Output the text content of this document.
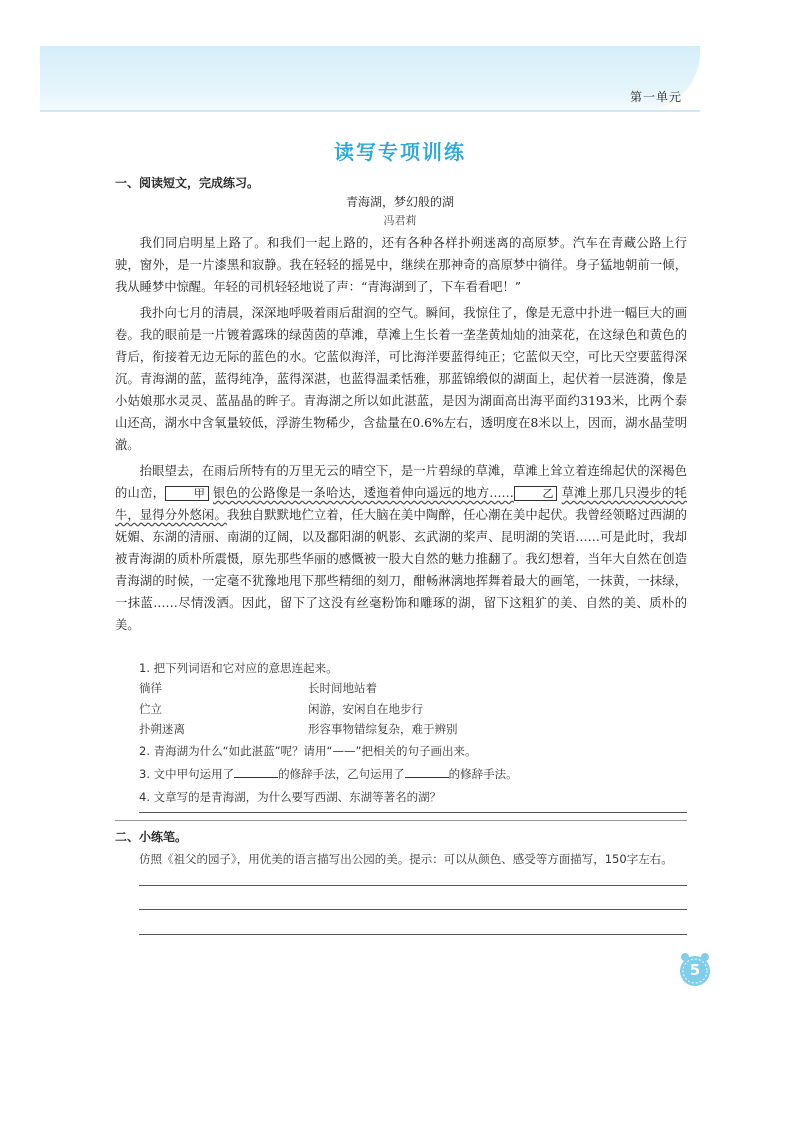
第一单元
读写专项训练
一、阅读短文，完成练习。
青海湖，梦幻般的湖
冯君莉

我们同启明星上路了。和我们一起上路的，还有各种各样扑朔迷离的高原梦。汽车在青藏公路上行驶，窗外，是一片漆黑和寂静。我在轻轻的摇晃中，继续在那神奇的高原梦中徜徉。身子猛地朝前一倾，我从睡梦中惊醒。年轻的司机轻轻地说了声：“青海湖到了，下车看看吧！”

我扑向七月的清晨，深深地呼吸着雨后甜润的空气。瞬间，我惊住了，像是无意中扑进一幅巨大的画卷。我的眼前是一片镀着露珠的绿茵茵的草滩，草滩上生长着一垄垄黄灿灿的油菜花，在这绿色和黄色的背后，衔接着无边无际的蓝色的水。它蓝似海洋，可比海洋要蓝得纯正；它蓝似天空，可比天空要蓝得深沉。青海湖的蓝，蓝得纯净，蓝得深湛，也蓝得温柔恬雅，那蓝锦缎似的湖面上，起伏着一层涟漪，像是小姑娘那水灵灵、蓝晶晶的眸子。青海湖之所以如此湛蓝，是因为湖面高出海平面约3193米，比两个泰山还高，湖水中含氧量较低，浮游生物稀少，含盐量在0.6%左右，透明度在8米以上，因而，湖水晶莹明澈。

抬眼望去，在雨后所特有的万里无云的晴空下，是一片碧绿的草滩，草滩上耸立着连绵起伏的深褐色的山峦，	甲 银色的公路像是一条哈达，逶迤着伸向遥远的地方……	乙 草滩上那几只漫步的牦牛，显得分外悠闲。我独自默默地伫立着，任大脑在美中陶醉，任心潮在美中起伏。我曾经领略过西湖的妩媚、东湖的清丽、南湖的辽阔，以及鄱阳湖的帆影、玄武湖的桨声、昆明湖的笑语……可是此时，我却被青海湖的质朴所震慑，原先那些华丽的感慨被一股大自然的魅力推翻了。我幻想着，当年大自然在创造青海湖的时候，一定毫不犹豫地甩下那些精细的刻刀，酣畅淋漓地挥舞着最大的画笔，一抹黄，一抹绿，一抹蓝……尽情泼洒。因此，留下了这没有丝毫粉饰和雕琢的湖，留下这粗犷的美、自然的美、质朴的美。

1. 把下列词语和它对应的意思连起来。
徜徉	长时间地站着
伫立	闲游，安闲自在地步行
扑朔迷离	形容事物错综复杂，难于辨别
2. 青海湖为什么“如此湛蓝”呢？请用“——”把相关的句子画出来。
3. 文中甲句运用了	的修辞手法，乙句运用了	的修辞手法。
4. 文章写的是青海湖，为什么要写西湖、东湖等著名的湖？
二、小练笔。
仿照《祖父的园子》，用优美的语言描写出公园的美。提示：可以从颜色、感受等方面描写，150字左右。
5
